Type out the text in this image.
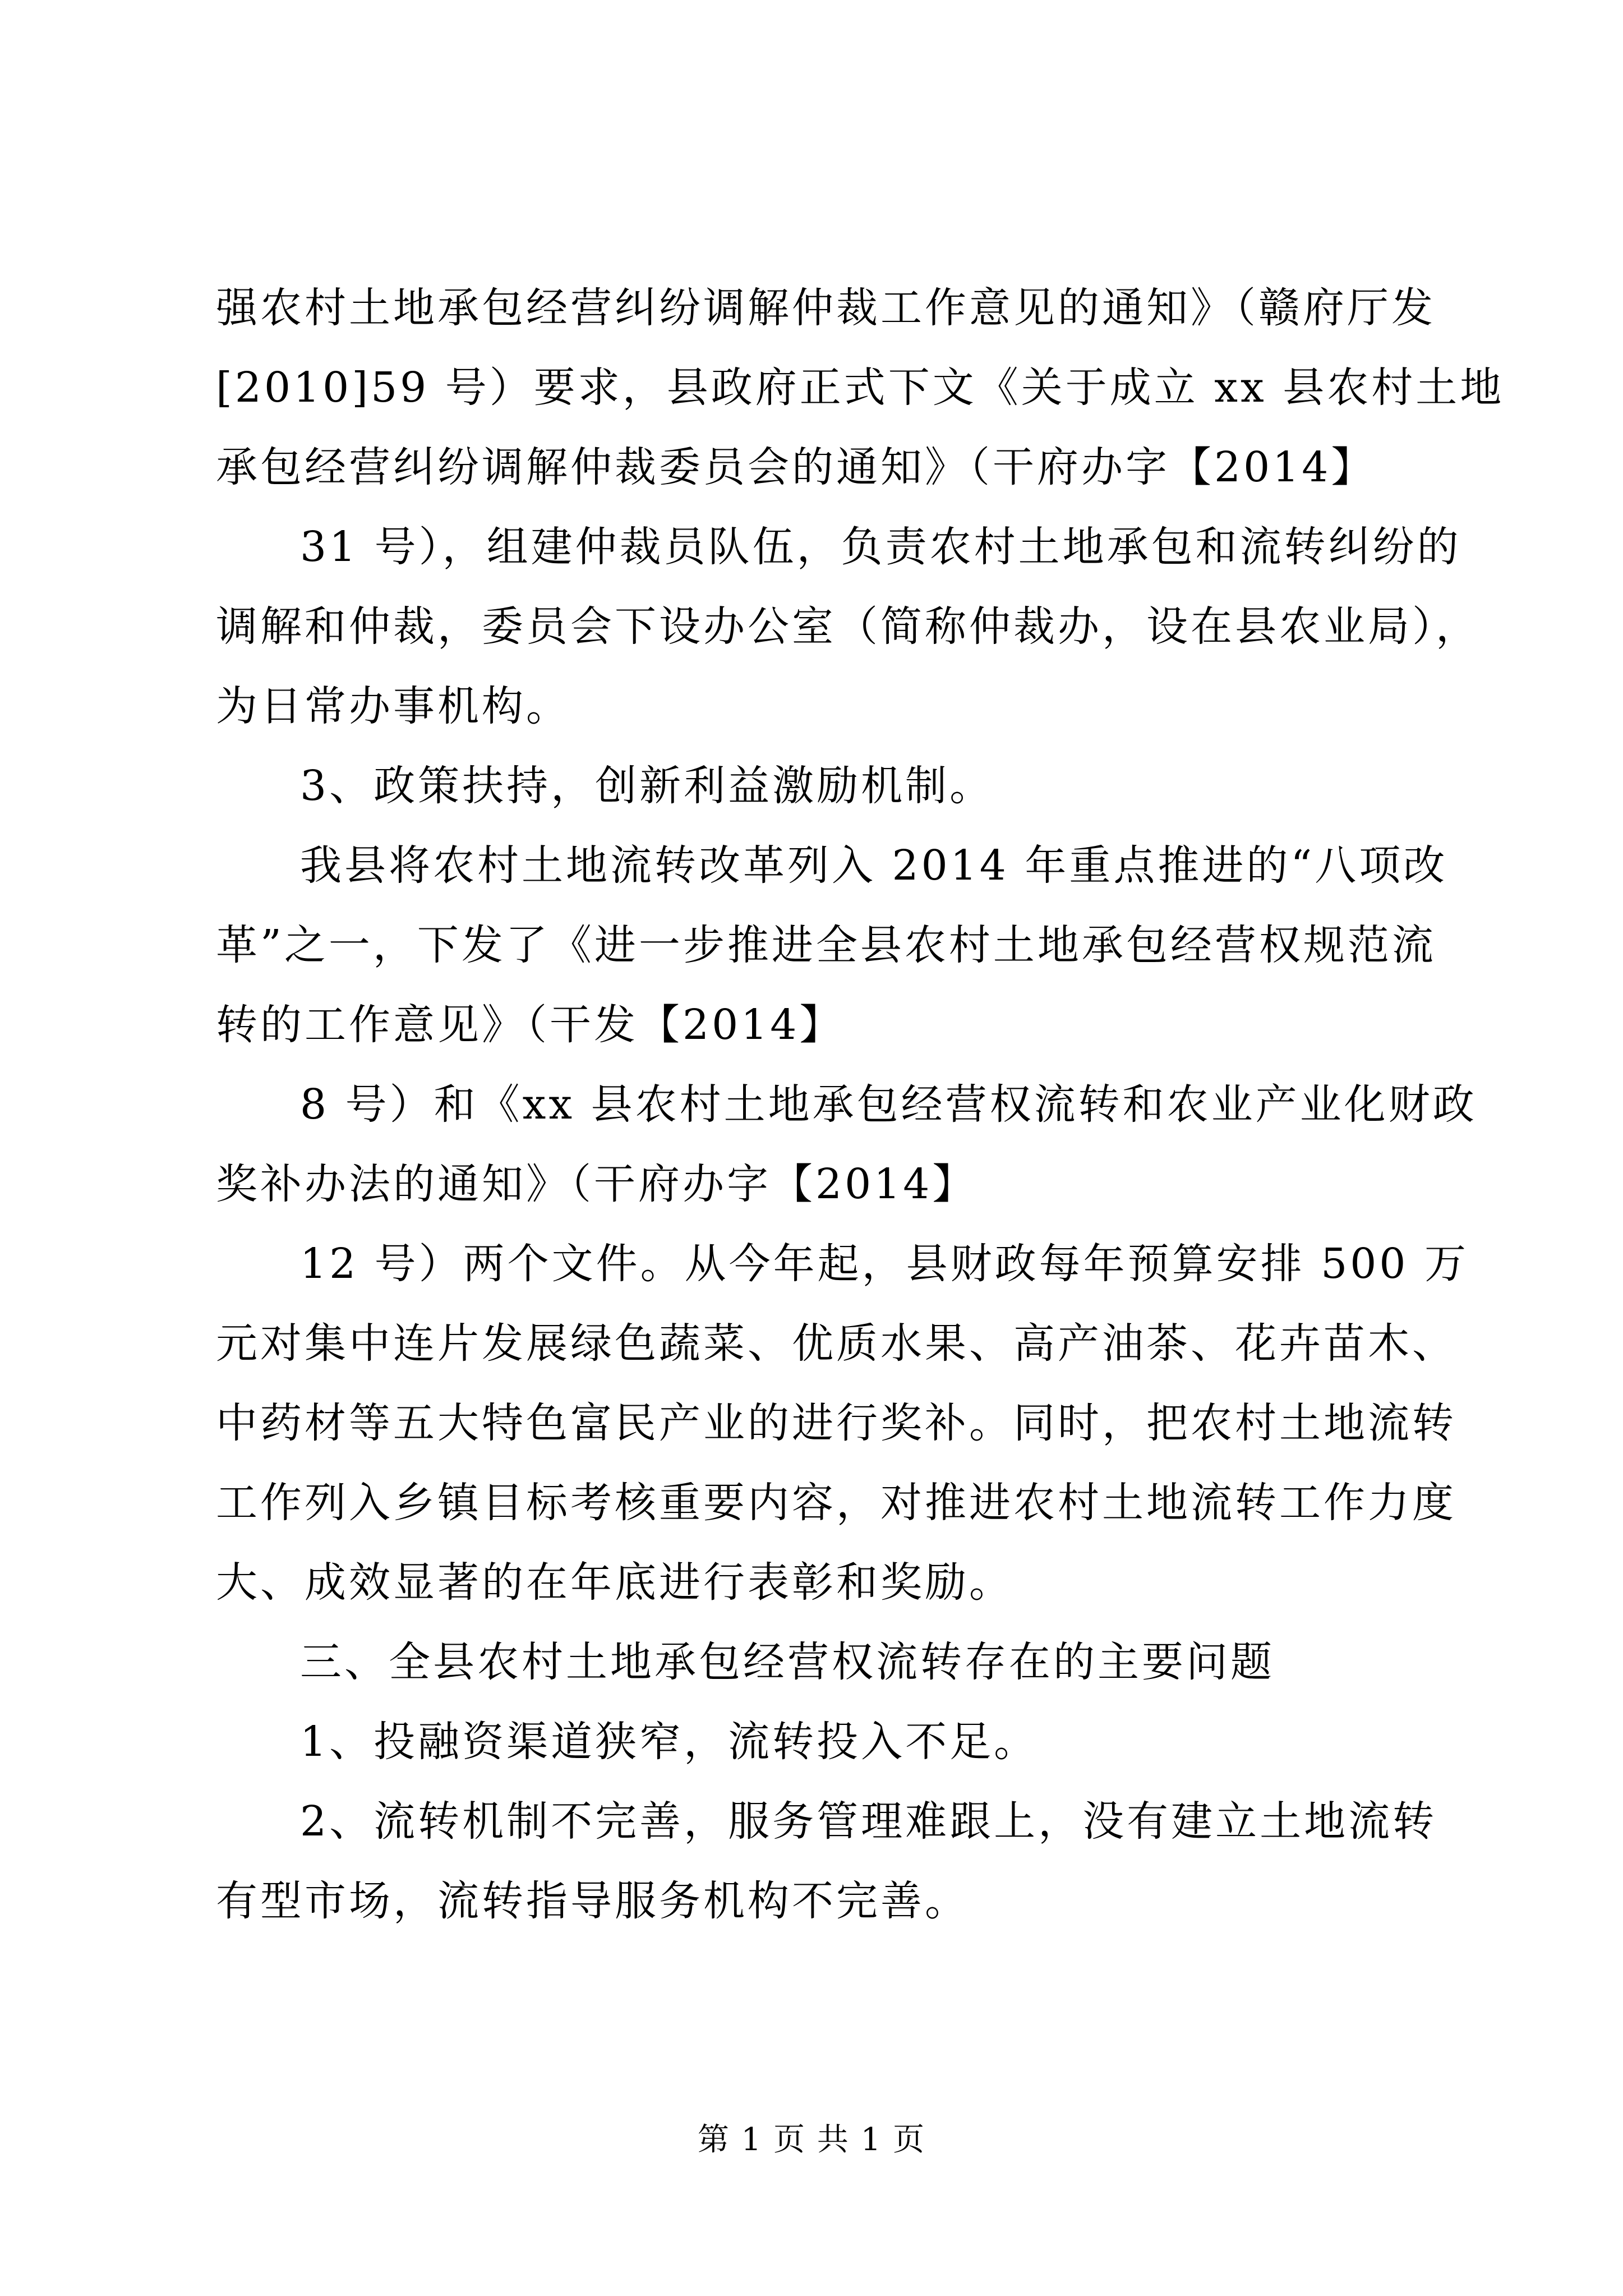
强农村土地承包经营纠纷调解仲裁工作意见的通知》（赣府厅发
[2010]59 号）要求，县政府正式下文《关于成立 xx 县农村土地
承包经营纠纷调解仲裁委员会的通知》（干府办字【2014】
31 号），组建仲裁员队伍，负责农村土地承包和流转纠纷的
调解和仲裁，委员会下设办公室（简称仲裁办，设在县农业局），
为日常办事机构。
3、政策扶持，创新利益激励机制。
我县将农村土地流转改革列入 2014 年重点推进的“八项改
革”之一，下发了《进一步推进全县农村土地承包经营权规范流
转的工作意见》（干发【2014】
8 号）和《xx 县农村土地承包经营权流转和农业产业化财政
奖补办法的通知》（干府办字【2014】
12 号）两个文件。从今年起，县财政每年预算安排 500 万
元对集中连片发展绿色蔬菜、优质水果、高产油茶、花卉苗木、
中药材等五大特色富民产业的进行奖补。同时，把农村土地流转
工作列入乡镇目标考核重要内容，对推进农村土地流转工作力度
大、成效显著的在年底进行表彰和奖励。
三、全县农村土地承包经营权流转存在的主要问题
1、投融资渠道狭窄，流转投入不足。
2、流转机制不完善，服务管理难跟上，没有建立土地流转
有型市场，流转指导服务机构不完善。
第 1 页 共 1 页
